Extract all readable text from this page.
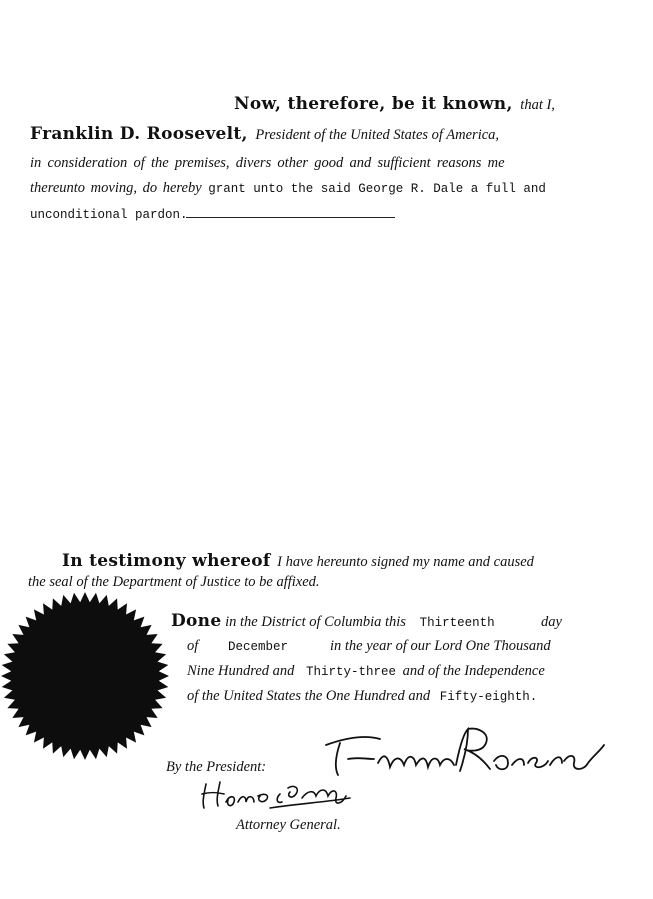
Now, therefore, be it known, that I,
Franklin D. Roosevelt, President of the United States of America,
in consideration of the premises, divers other good and sufficient reasons me
thereunto moving, do hereby grant unto the said George R. Dale a full and
unconditional pardon.
In testimony whereof I have hereunto signed my name and caused
the seal of the Department of Justice to be affixed.
Done in the District of Columbia this Thirteenth	day
of December	in the year of our Lord One Thousand
Nine Hundred and Thirty-three and of the Independence
of the United States the One Hundred and Fifty-eighth.
By the President:
Attorney General.
